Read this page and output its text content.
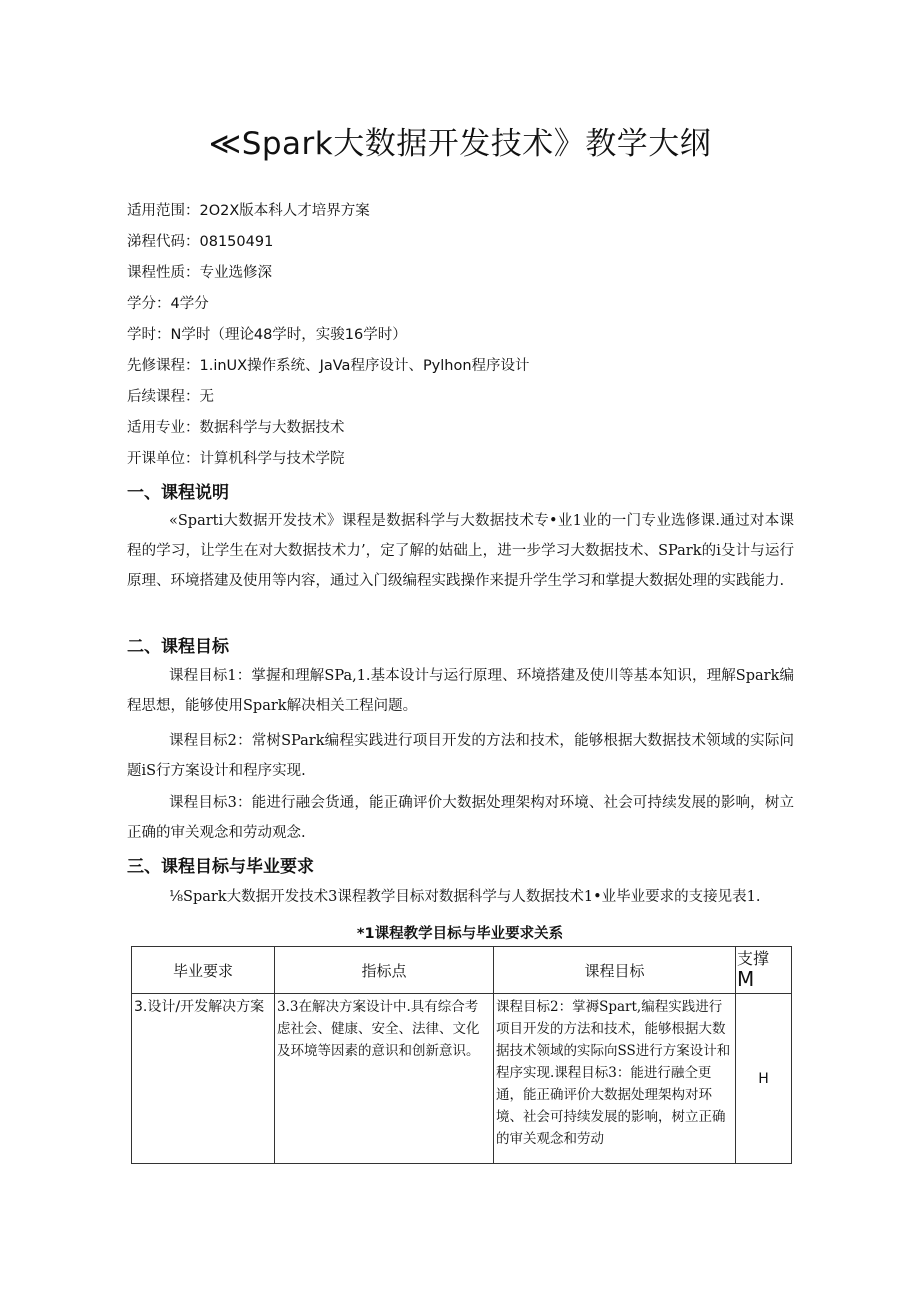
≪Spark大数据开发技术》教学大纲
适用范围：2O2X版本科人才培界方案
涕程代码：08150491
课程性质：专业选修深
学分：4学分
学时：N学时（理论48学时，实骏16学时）
先修课程：1.inUX操作系统、JaVa程序设计、Pylhon程序设计
后续课程：无
适用专业：数据科学与大数据技术
开课单位：计算机科学与技术学院
一、课程说明

«Sparti大数据开发技术》课程是数据科学与大数据技术专•业1业的一门专业选修课.通过对本课程的学习，让学生在对大数据技术力’，定了解的姑础上，进一步学习大数据技术、SPark的i殳计与运行原理、环境搭建及使用等内容，通过入门级编程实践操作来提升学生学习和掌提大数据处理的实践能力.

二、课程目标

课程目标1：掌握和理解SPa,1.基本设计与运行原理、环境搭建及使川等基本知识，理解Spark编程思想，能够使用Spark解决相关工程问题。

课程目标2：常树SPark编程实践进行项目开发的方法和技术，能够根据大数据技术领域的实际问题iS行方案设计和程序实现.

课程目标3：能进行融会货通，能正确评价大数据处理架构对环境、社会可持续发展的影响，树立正确的审关观念和劳动观念.

三、课程目标与毕业要求

⅛Spark大数据开发技术3课程教学目标对数据科学与人数据技术1•业毕业要求的支接见表1.

*1课程教学目标与毕业要求关系
毕业要求	指标点	课程目标	支撑
M
3.设计/开发解决方案	3.3在解决方案设计中.具有综合考虑社会、健康、安全、法律、文化及环境等因素的意识和创新意识。	课程目标2：掌褥Spart,编程实践进行项目开发的方法和技术，能够根据大数据技术领域的实际向SS进行方案设计和程序实现.课程目标3：能进行融仝更通，能正确评价大数据处理架构对环境、社会可持续发展的影响，树立正确的审关观念和劳动	H
